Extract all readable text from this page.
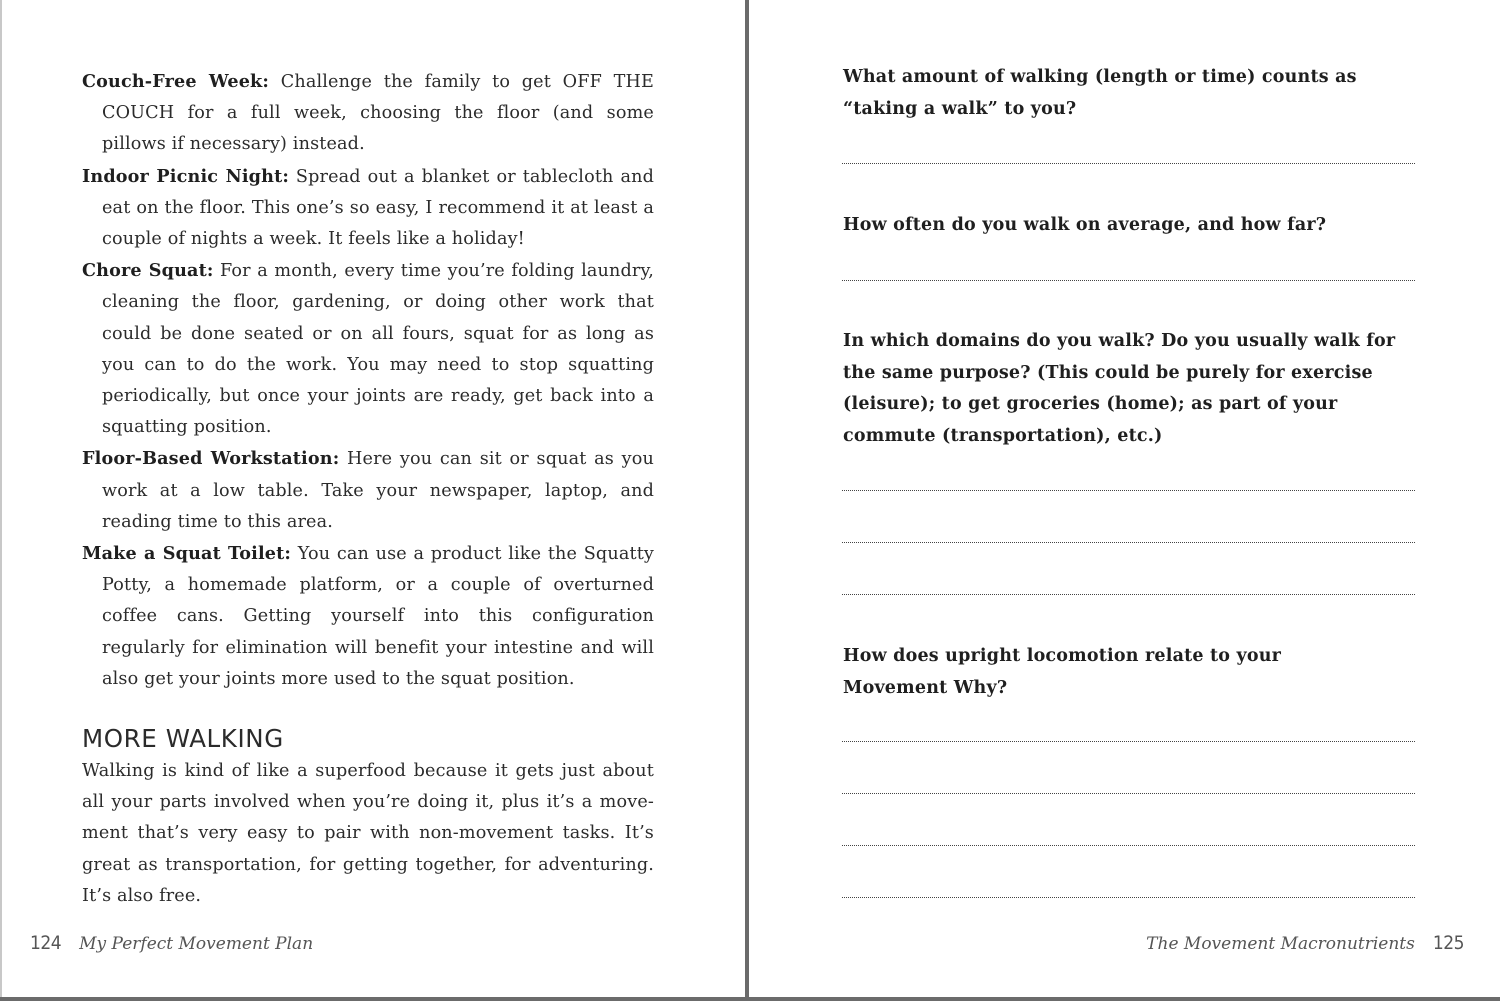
Couch-Free Week: Challenge the family to get OFF THE COUCH for a full week, choosing the floor (and some pillows if necessary) instead.

Indoor Picnic Night: Spread out a blanket or tablecloth and eat on the floor. This one’s so easy, I recommend it at least a couple of nights a week. It feels like a holiday!

Chore Squat: For a month, every time you’re folding laundry, cleaning the floor, gardening, or doing other work that could be done seated or on all fours, squat for as long as you can to do the work. You may need to stop squatting periodically, but once your joints are ready, get back into a squatting position.

Floor-Based Workstation: Here you can sit or squat as you work at a low table. Take your newspaper, laptop, and reading time to this area.

Make a Squat Toilet: You can use a product like the Squatty Potty, a homemade platform, or a couple of overturned coffee cans. Getting yourself into this configuration regularly for elimination will benefit your intestine and will also get your joints more used to the squat position.

MORE WALKING

Walking is kind of like a superfood because it gets just about all your parts involved when you’re doing it, plus it’s a move-ment that’s very easy to pair with non-movement tasks. It’s great as transportation, for getting together, for adventuring. It’s also free.

124 My Perfect Movement Plan

What amount of walking (length or time) counts as “taking a walk” to you?

How often do you walk on average, and how far?

In which domains do you walk? Do you usually walk for the same purpose? (This could be purely for exercise (leisure); to get groceries (home); as part of your commute (transportation), etc.)

How does upright locomotion relate to your Movement Why?

The Movement Macronutrients 125
